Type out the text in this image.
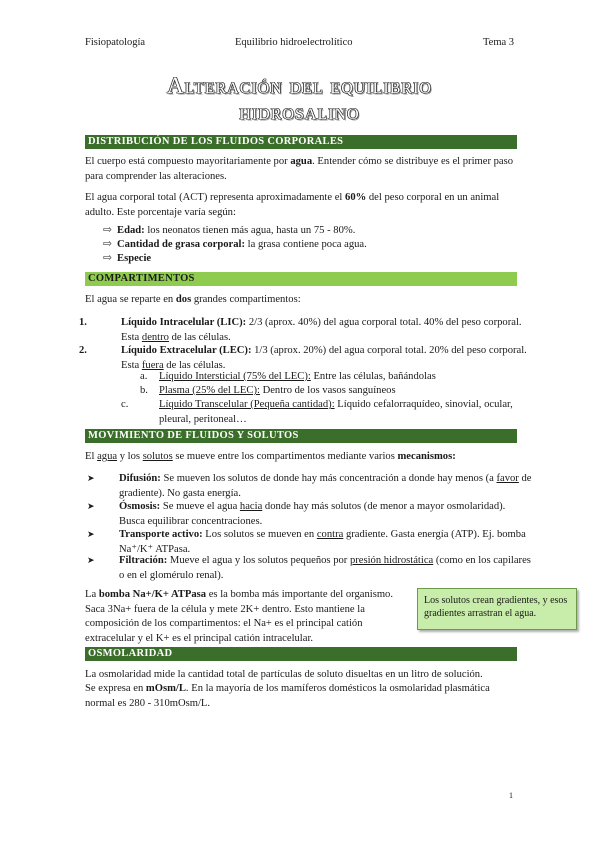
Fisiopatología	Equilibrio hidroelectrolítico	Tema 3
Alteración del equilibrio
hidrosalino
DISTRIBUCIÓN DE LOS FLUIDOS CORPORALES
El cuerpo está compuesto mayoritariamente por agua. Entender cómo se distribuye es el primer paso para comprender las alteraciones.
El agua corporal total (ACT) representa aproximadamente el 60% del peso corporal en un animal adulto. Este porcentaje varía según:
⇨ Edad: los neonatos tienen más agua, hasta un 75 - 80%.
⇨ Cantidad de grasa corporal: la grasa contiene poca agua.
⇨ Especie
COMPARTIMENTOS
El agua se reparte en dos grandes compartimentos:
1.	Líquido Intracelular (LIC): 2/3 (aprox. 40%) del agua corporal total. 40% del peso corporal. Esta dentro de las células.
2.	Líquido Extracelular (LEC): 1/3 (aprox. 20%) del agua corporal total. 20% del peso corporal. Esta fuera de las células.
a. Líquido Intersticial (75% del LEC): Entre las células, bañándolas
b. Plasma (25% del LEC): Dentro de los vasos sanguíneos
c.	Líquido Transcelular (Pequeña cantidad): Líquido cefalorraquídeo, sinovial, ocular, pleural, peritoneal…
MOVIMIENTO DE FLUIDOS Y SOLUTOS
El agua y los solutos se mueve entre los compartimentos mediante varios mecanismos:
➤ Difusión: Se mueven los solutos de donde hay más concentración a donde hay menos (a favor de gradiente). No gasta energía.
➤ Ósmosis: Se mueve el agua hacia donde hay más solutos (de menor a mayor osmolaridad). Busca equilibrar concentraciones.
➤ Transporte activo: Los solutos se mueven en contra gradiente. Gasta energía (ATP). Ej. bomba Na⁺/K⁺ ATPasa.
➤ Filtración: Mueve el agua y los solutos pequeños por presión hidrostática (como en los capilares o en el glomérulo renal).
La bomba Na+/K+ ATPasa es la bomba más importante del organismo. Saca 3Na+ fuera de la célula y mete 2K+ dentro. Esto mantiene la composición de los compartimentos: el Na+ es el principal catión extracelular y el K+ es el principal catión intracelular.
Los solutos crean gradientes, y esos gradientes arrastran el agua.
OSMOLARIDAD
La osmolaridad mide la cantidad total de partículas de soluto disueltas en un litro de solución.
Se expresa en mOsm/L. En la mayoría de los mamíferos domésticos la osmolaridad plasmática normal es 280 - 310mOsm/L.
1
